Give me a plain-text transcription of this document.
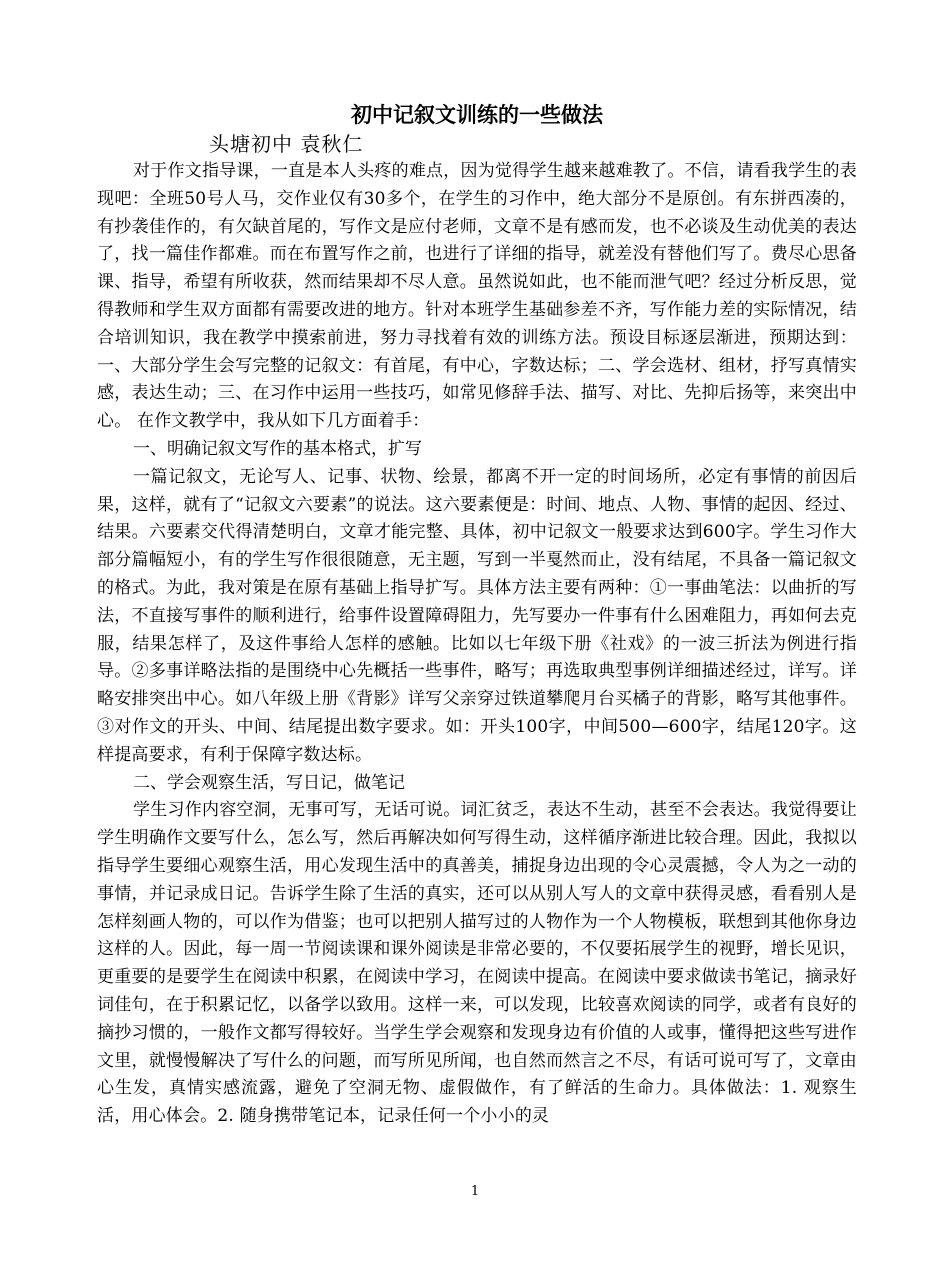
初中记叙文训练的一些做法

头塘初中 袁秋仁

对于作文指导课，一直是本人头疼的难点，因为觉得学生越来越难教了。不信，请看我学生的表现吧：全班50号人马，交作业仅有30多个，在学生的习作中，绝大部分不是原创。有东拼西凑的，有抄袭佳作的，有欠缺首尾的，写作文是应付老师，文章不是有感而发，也不必谈及生动优美的表达了，找一篇佳作都难。而在布置写作之前，也进行了详细的指导，就差没有替他们写了。费尽心思备课、指导，希望有所收获，然而结果却不尽人意。虽然说如此，也不能而泄气吧？经过分析反思，觉得教师和学生双方面都有需要改进的地方。针对本班学生基础参差不齐，写作能力差的实际情况，结合培训知识，我在教学中摸索前进，努力寻找着有效的训练方法。预设目标逐层渐进，预期达到：一、大部分学生会写完整的记叙文：有首尾，有中心，字数达标；二、学会选材、组材，抒写真情实感，表达生动；三、在习作中运用一些技巧，如常见修辞手法、描写、对比、先抑后扬等，来突出中心。 在作文教学中，我从如下几方面着手：

一、明确记叙文写作的基本格式，扩写

一篇记叙文，无论写人、记事、状物、绘景，都离不开一定的时间场所，必定有事情的前因后果，这样，就有了“记叙文六要素”的说法。这六要素便是：时间、地点、人物、事情的起因、经过、结果。六要素交代得清楚明白，文章才能完整、具体，初中记叙文一般要求达到600字。学生习作大部分篇幅短小，有的学生写作很很随意，无主题，写到一半戛然而止，没有结尾，不具备一篇记叙文的格式。为此，我对策是在原有基础上指导扩写。具体方法主要有两种：①一事曲笔法：以曲折的写法，不直接写事件的顺利进行，给事件设置障碍阻力，先写要办一件事有什么困难阻力，再如何去克服，结果怎样了，及这件事给人怎样的感触。比如以七年级下册《社戏》的一波三折法为例进行指导。②多事详略法指的是围绕中心先概括一些事件，略写；再选取典型事例详细描述经过，详写。详略安排突出中心。如八年级上册《背影》详写父亲穿过铁道攀爬月台买橘子的背影，略写其他事件。③对作文的开头、中间、结尾提出数字要求。如：开头100字，中间500—600字，结尾120字。这样提高要求，有利于保障字数达标。

二、学会观察生活，写日记，做笔记

学生习作内容空洞，无事可写，无话可说。词汇贫乏，表达不生动，甚至不会表达。我觉得要让学生明确作文要写什么，怎么写，然后再解决如何写得生动，这样循序渐进比较合理。因此，我拟以指导学生要细心观察生活，用心发现生活中的真善美，捕捉身边出现的令心灵震撼，令人为之一动的事情，并记录成日记。告诉学生除了生活的真实，还可以从别人写人的文章中获得灵感，看看别人是怎样刻画人物的，可以作为借鉴；也可以把别人描写过的人物作为一个人物模板，联想到其他你身边这样的人。因此，每一周一节阅读课和课外阅读是非常必要的，不仅要拓展学生的视野，增长见识，更重要的是要学生在阅读中积累，在阅读中学习，在阅读中提高。在阅读中要求做读书笔记，摘录好词佳句，在于积累记忆，以备学以致用。这样一来，可以发现，比较喜欢阅读的同学，或者有良好的摘抄习惯的，一般作文都写得较好。当学生学会观察和发现身边有价值的人或事，懂得把这些写进作文里，就慢慢解决了写什么的问题，而写所见所闻，也自然而然言之不尽，有话可说可写了，文章由心生发，真情实感流露，避免了空洞无物、虚假做作，有了鲜活的生命力。具体做法：1. 观察生活，用心体会。2. 随身携带笔记本，记录任何一个小小的灵

1
